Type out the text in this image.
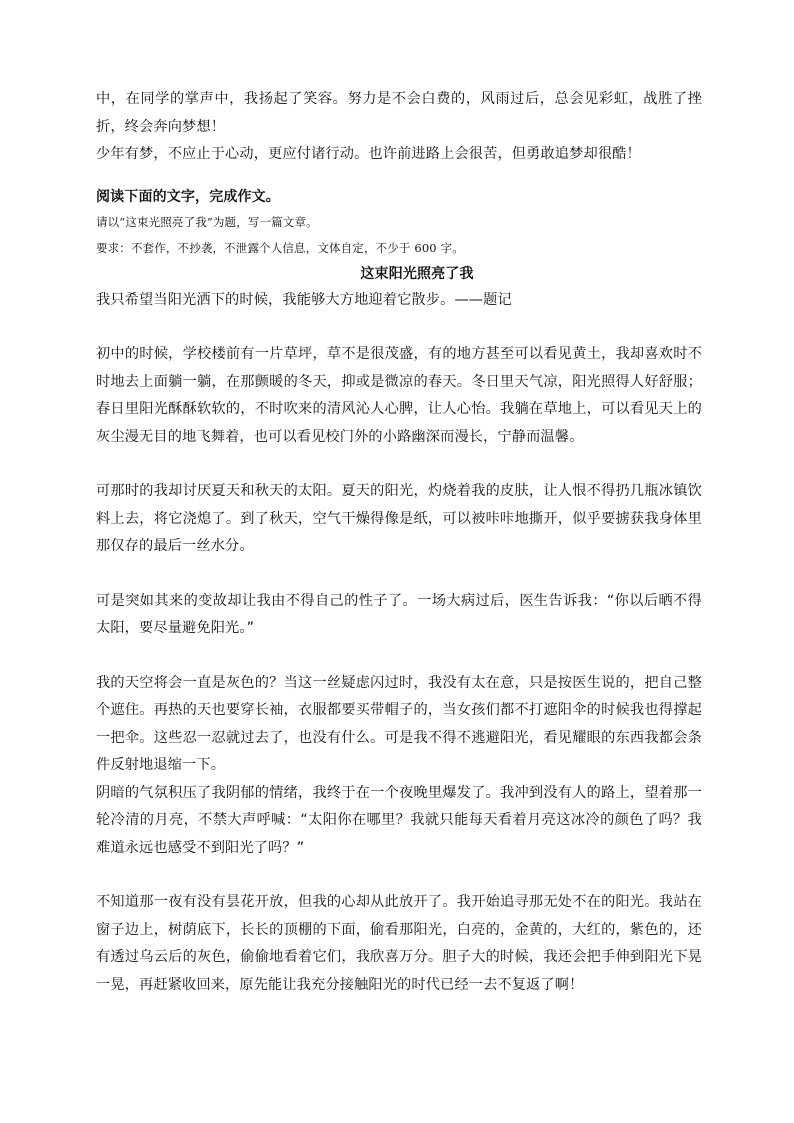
中，在同学的掌声中，我扬起了笑容。努力是不会白费的，风雨过后，总会见彩虹，战胜了挫折，终会奔向梦想！

少年有梦，不应止于心动，更应付诸行动。也许前进路上会很苦，但勇敢追梦却很酷！

阅读下面的文字，完成作文。

请以“这束光照亮了我”为题，写一篇文章。

要求：不套作，不抄袭，不泄露个人信息，文体自定，不少于 600 字。

这束阳光照亮了我

我只希望当阳光洒下的时候，我能够大方地迎着它散步。——题记

初中的时候，学校楼前有一片草坪，草不是很茂盛，有的地方甚至可以看见黄土，我却喜欢时不时地去上面躺一躺，在那颤暖的冬天，抑或是微凉的春天。冬日里天气凉，阳光照得人好舒服；春日里阳光酥酥软软的，不时吹来的清风沁人心脾，让人心怡。我躺在草地上，可以看见天上的灰尘漫无目的地飞舞着，也可以看见校门外的小路幽深而漫长，宁静而温馨。

可那时的我却讨厌夏天和秋天的太阳。夏天的阳光，灼烧着我的皮肤，让人恨不得扔几瓶冰镇饮料上去，将它浇熄了。到了秋天，空气干燥得像是纸，可以被咔咔地撕开，似乎要掳获我身体里那仅存的最后一丝水分。

可是突如其来的变故却让我由不得自己的性子了。一场大病过后，医生告诉我：“你以后晒不得太阳，要尽量避免阳光。”

我的天空将会一直是灰色的？当这一丝疑虑闪过时，我没有太在意，只是按医生说的，把自己整个遮住。再热的天也要穿长袖，衣服都要买带帽子的，当女孩们都不打遮阳伞的时候我也得撑起一把伞。这些忍一忍就过去了，也没有什么。可是我不得不逃避阳光，看见耀眼的东西我都会条件反射地退缩一下。

阴暗的气氛积压了我阴郁的情绪，我终于在一个夜晚里爆发了。我冲到没有人的路上，望着那一轮冷清的月亮，不禁大声呼喊：“太阳你在哪里？我就只能每天看着月亮这冰冷的颜色了吗？我难道永远也感受不到阳光了吗？”

不知道那一夜有没有昙花开放，但我的心却从此放开了。我开始追寻那无处不在的阳光。我站在窗子边上，树荫底下，长长的顶棚的下面，偷看那阳光，白亮的，金黄的，大红的，紫色的，还有透过乌云后的灰色，偷偷地看着它们，我欣喜万分。胆子大的时候，我还会把手伸到阳光下晃一晃，再赶紧收回来，原先能让我充分接触阳光的时代已经一去不复返了啊！
